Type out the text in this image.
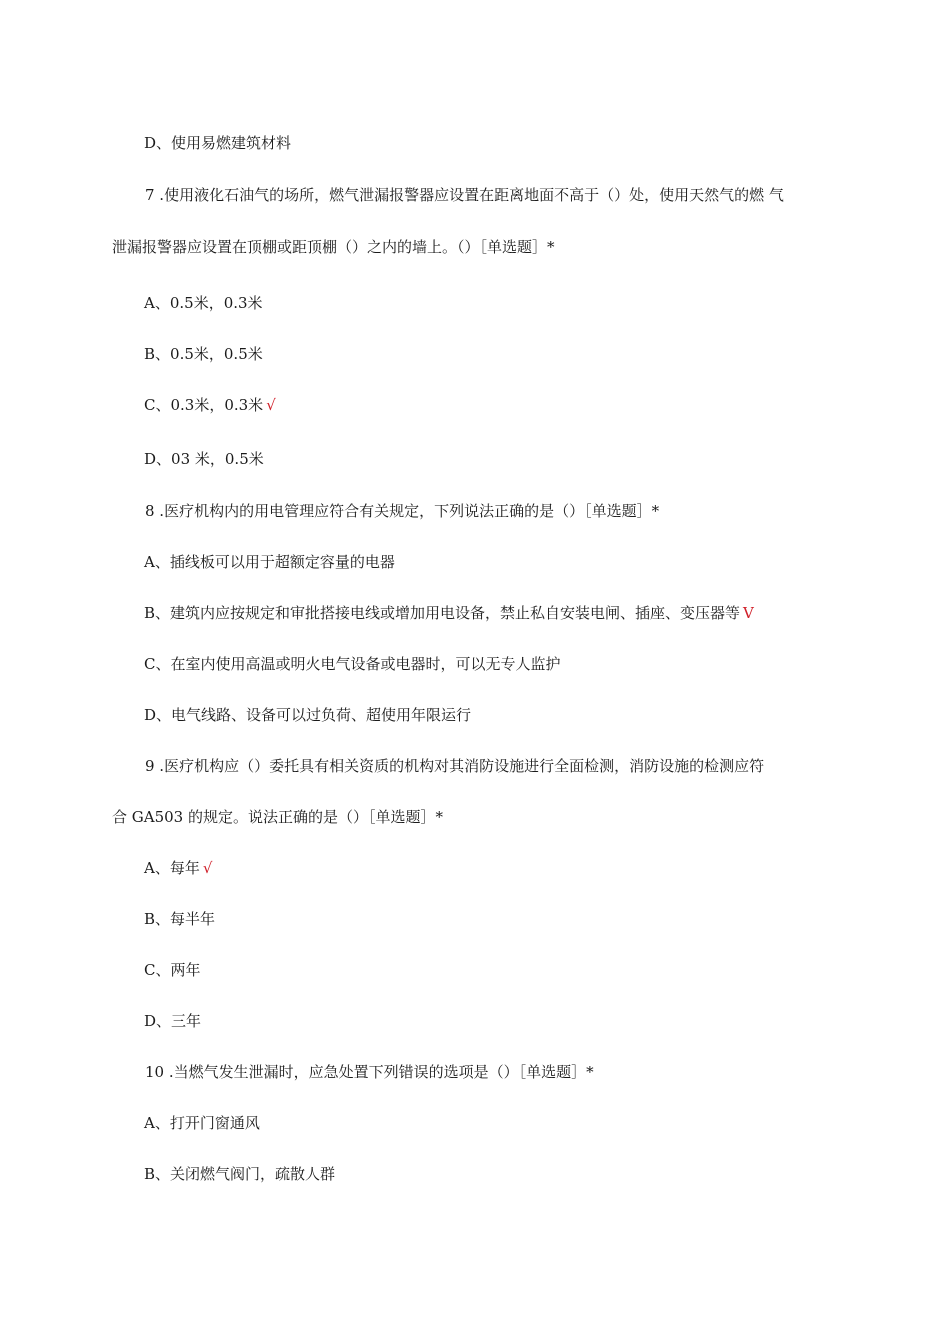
D、使用易燃建筑材料
7 .使用液化石油气的场所，燃气泄漏报警器应设置在距离地面不高于（）处，使用天然气的燃 气
泄漏报警器应设置在顶棚或距顶棚（）之内的墙上。（）［单选题］*
A、0.5米，0.3米
B、0.5米，0.5米
C、0.3米，0.3米 √
D、03 米，0.5米
8 .医疗机构内的用电管理应符合有关规定，下列说法正确的是（）［单选题］*
A、插线板可以用于超额定容量的电器
B、建筑内应按规定和审批搭接电线或增加用电设备，禁止私自安装电闸、插座、变压器等 V
C、在室内使用高温或明火电气设备或电器时，可以无专人监护
D、电气线路、设备可以过负荷、超使用年限运行
9 .医疗机构应（）委托具有相关资质的机构对其消防设施进行全面检测，消防设施的检测应符
合 GA503 的规定。说法正确的是（）［单选题］*
A、每年 √
B、每半年
C、两年
D、三年
10 .当燃气发生泄漏时，应急处置下列错误的选项是（）［单选题］*
A、打开门窗通风
B、关闭燃气阀门，疏散人群
